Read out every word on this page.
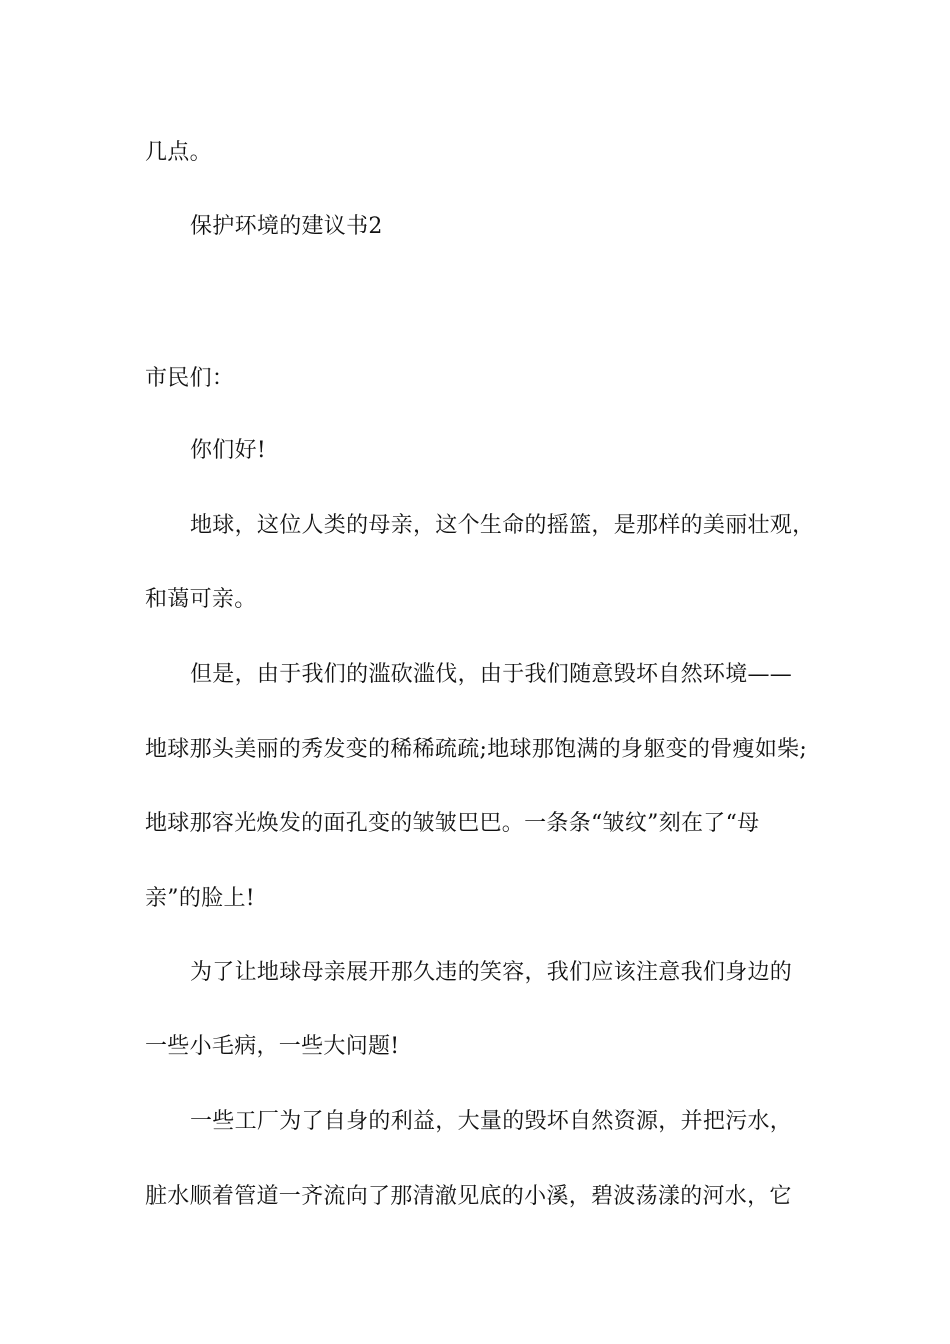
几点。
保护环境的建议书2
市民们：
你们好!
地球，这位人类的母亲，这个生命的摇篮，是那样的美丽壮观，
和蔼可亲。
但是，由于我们的滥砍滥伐，由于我们随意毁坏自然环境——
地球那头美丽的秀发变的稀稀疏疏;地球那饱满的身躯变的骨瘦如柴;
地球那容光焕发的面孔变的皱皱巴巴。一条条“皱纹”刻在了“母
亲”的脸上!
为了让地球母亲展开那久违的笑容，我们应该注意我们身边的
一些小毛病，一些大问题!
一些工厂为了自身的利益，大量的毁坏自然资源，并把污水，
脏水顺着管道一齐流向了那清澈见底的小溪，碧波荡漾的河水，它
